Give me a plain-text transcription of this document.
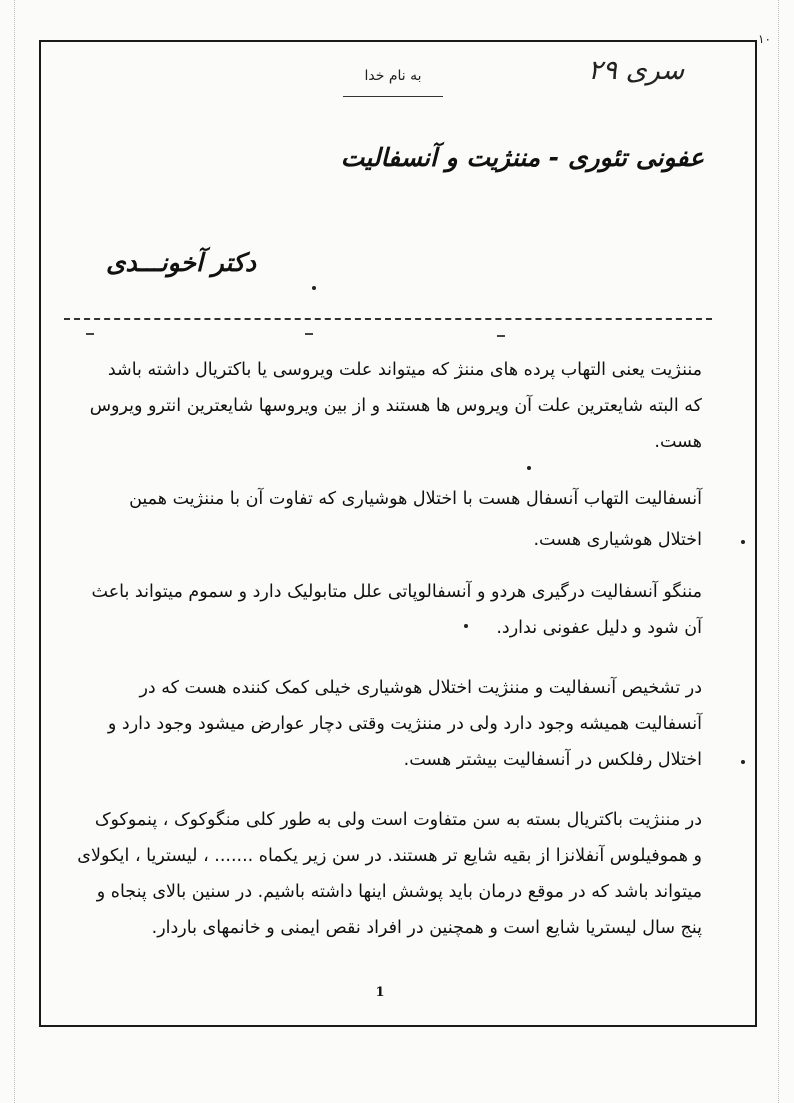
۱۰
۲۹ سری
به نام خدا
عفونی تئوری - مننژیت و آنسفالیت
دکتر آخونـــدی
مننژیت یعنی التهاب پرده های مننژ که میتواند علت ویروسی یا باکتریال داشته باشد
که البته شایعترین علت آن ویروس ها هستند و از بین ویروسها شایعترین انترو ویروس
هست.
آنسفالیت التهاب آنسفال هست با اختلال هوشیاری که تفاوت آن با مننژیت همین
اختلال هوشیاری هست.
مننگو آنسفالیت درگیری هردو و آنسفالوپاتی علل متابولیک دارد و سموم میتواند باعث
آن شود و دلیل عفونی ندارد.
در تشخیص آنسفالیت و مننژیت اختلال هوشیاری خیلی کمک کننده هست که در
آنسفالیت همیشه وجود دارد ولی در مننژیت وقتی دچار عوارض میشود وجود دارد و
اختلال رفلکس در آنسفالیت بیشتر هست.
در مننژیت باکتریال بسته به سن متفاوت است ولی به طور کلی منگوکوک ، پنموکوک
و هموفیلوس آنفلانزا از بقیه شایع تر هستند. در سن زیر یکماه ....... ، لیستریا ، ایکولای
میتواند باشد که در موقع درمان باید پوشش اینها داشته باشیم. در سنین بالای پنجاه و
پنج سال لیستریا شایع است و همچنین در افراد نقص ایمنی و خانمهای باردار.
1
